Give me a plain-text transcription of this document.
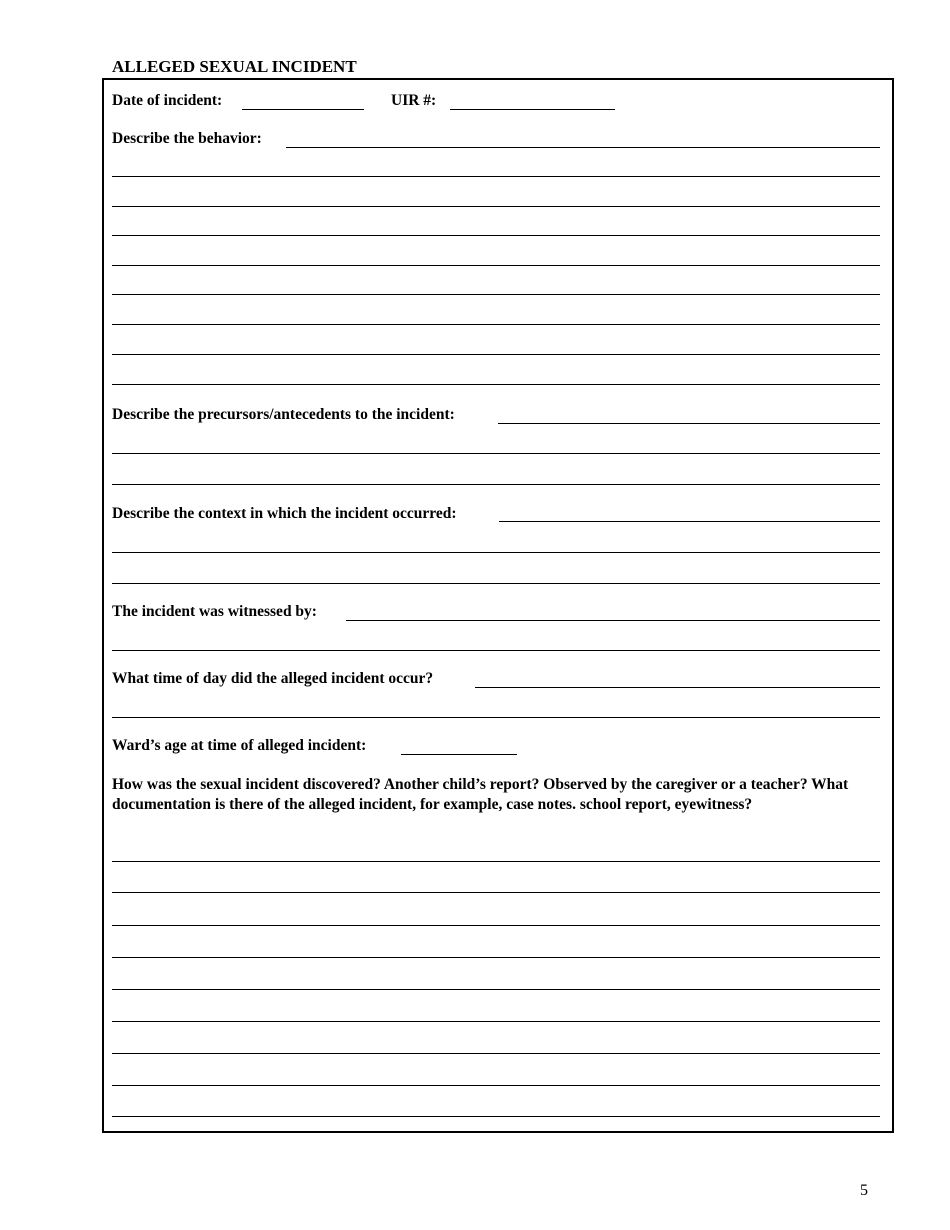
ALLEGED SEXUAL INCIDENT
Date of incident:	UIR #:
Describe the behavior:
Describe the precursors/antecedents to the incident:
Describe the context in which the incident occurred:
The incident was witnessed by:
What time of day did the alleged incident occur?
Ward’s age at time of alleged incident:
How was the sexual incident discovered? Another child’s report? Observed by the caregiver or a teacher? What documentation is there of the alleged incident, for example, case notes. school report, eyewitness?
5
